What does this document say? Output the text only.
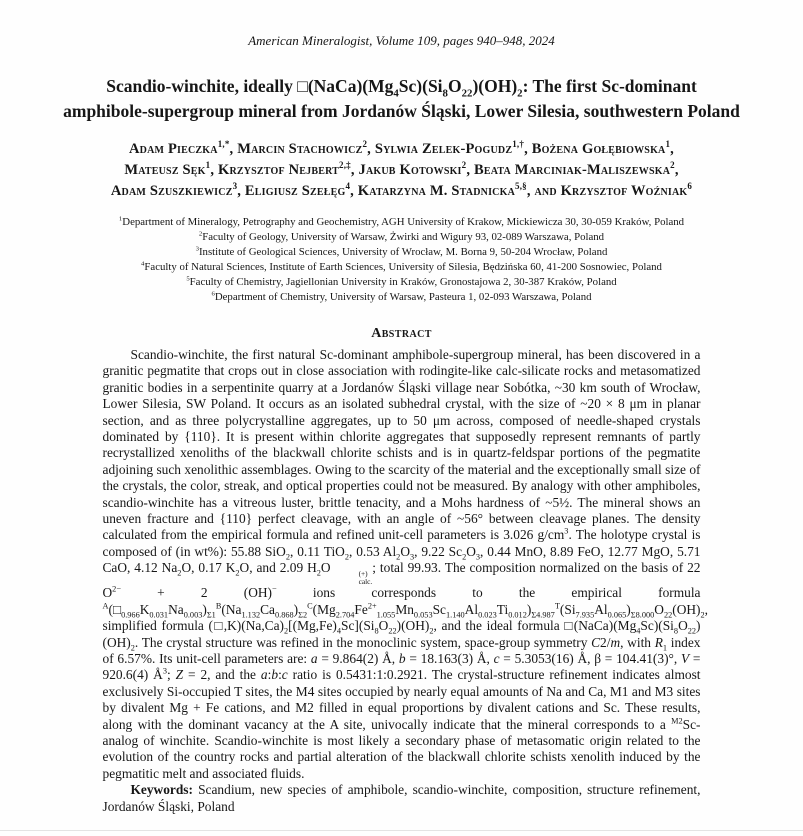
American Mineralogist, Volume 109, pages 940–948, 2024
Scandio-winchite, ideally $□(NaCa)(Mg_4Sc)(Si_8O_{22})(OH)_2$: The first Sc-dominant
amphibole-supergroup mineral from Jordanów Śląski, Lower Silesia, southwestern Poland
Adam Pieczka$^{1,*}$, Marcin Stachowicz$^2$, Sylwia Zelek-Pogudz$^{1,\dagger}$, Bożena Gołębiowska$^1$,
Mateusz Sęk$^1$, Krzysztof Nejbert$^{2,\ddagger}$, Jakub Kotowski$^2$, Beata Marciniak-Maliszewska$^2$,
Adam Szuszkiewicz$^3$, Eligiusz Szełęg$^4$, Katarzyna M. Stadnicka$^{5,\S}$, and Krzysztof Woźniak$^6$
$^1$Department of Mineralogy, Petrography and Geochemistry, AGH University of Krakow, Mickiewicza 30, 30-059 Kraków, Poland
$^2$Faculty of Geology, University of Warsaw, Żwirki and Wigury 93, 02-089 Warszawa, Poland
$^3$Institute of Geological Sciences, University of Wrocław, M. Borna 9, 50-204 Wrocław, Poland
$^4$Faculty of Natural Sciences, Institute of Earth Sciences, University of Silesia, Będzińska 60, 41-200 Sosnowiec, Poland
$^5$Faculty of Chemistry, Jagiellonian University in Kraków, Gronostajowa 2, 30-387 Kraków, Poland
$^6$Department of Chemistry, University of Warsaw, Pasteura 1, 02-093 Warszawa, Poland
Abstract

Scandio-winchite, the first natural Sc-dominant amphibole-supergroup mineral, has been discovered in a granitic pegmatite that crops out in close association with rodingite-like calc-silicate rocks and metasomatized granitic bodies in a serpentinite quarry at a Jordanów Śląski village near Sobótka, ~30 km south of Wrocław, Lower Silesia, SW Poland. It occurs as an isolated subhedral crystal, with the size of ~20 × 8 μm in planar section, and as three polycrystalline aggregates, up to 50 μm across, composed of needle-shaped crystals dominated by {110}. It is present within chlorite aggregates that supposedly represent remnants of partly recrystallized xenoliths of the blackwall chlorite schists and is in quartz-feldspar portions of the pegmatite adjoining such xenolithic assemblages. Owing to the scarcity of the material and the exceptionally small size of the crystals, the color, streak, and optical properties could not be measured. By analogy with other amphiboles, scandio-winchite has a vitreous luster, brittle tenacity, and a Mohs hardness of ~5½. The mineral shows an uneven fracture and {110} perfect cleavage, with an angle of ~56° between cleavage planes. The density calculated from the empirical formula and refined unit-cell parameters is 3.026 $g/cm^3$. The holotype crystal is composed of (in wt%): 55.88 SiO$_2$, 0.11 TiO$_2$, 0.53 $Al_2O_3$, 9.22 $Sc_2O_3$, 0.44 MnO, 8.89 FeO, 12.77 MgO, 5.71 CaO, 4.12 $Na_2O$, 0.17 $K_2O$, and 2.09 $H_2O$	(+)
calc.
; total 99.93. The composition normalized on the basis of 22 $O^{2-} + 2$ (OH)− ions corresponds to the empirical formula $^A(□_{0.966}K_{0.031}Na_{0.003})_{\Sigma 1}^B(Na_{1.132}Ca_{0.868})_{\Sigma 2}^C(Mg_{2.704}Fe^{2+}_{1.055}Mn_{0.053}Sc_{1.140}Al_{0.023}Ti_{0.012})_{\Sigma 4.987}^T(Si_{7.935}Al_{0.065})_{\Sigma 8.000}O_{22}(OH)_2$, simplified formula $(□,K)(Na,Ca)_2[(Mg,Fe)_4Sc](Si_8O_{22})(OH)_2$, and the ideal formula $□(NaCa)(Mg_4Sc)(Si_8O_{22})(OH)_2$. The crystal structure was refined in the monoclinic system, space-group symmetry C2/m, with $R_1$ index of 6.57%. Its unit-cell parameters are: a = 9.864(2) Å, b = 18.163(3) Å, c = 5.3053(16) Å, β = 104.41(3)°, V = 920.6(4) $Å^3$; Z = 2, and the a:b:c ratio is 0.5431:1:0.2921. The crystal-structure refinement indicates almost exclusively Si-occupied T sites, the M4 sites occupied by nearly equal amounts of Na and Ca, M1 and M3 sites by divalent Mg + Fe cations, and M2 filled in equal proportions by divalent cations and Sc. These results, along with the dominant vacancy at the A site, univocally indicate that the mineral corresponds to a $^{M2}$Sc-analog of winchite. Scandio-winchite is most likely a secondary phase of metasomatic origin related to the evolution of the country rocks and partial alteration of the blackwall chlorite schists xenolith induced by the pegmatitic melt and associated fluids.

Keywords: Scandium, new species of amphibole, scandio-winchite, composition, structure refinement, Jordanów Śląski, Poland
